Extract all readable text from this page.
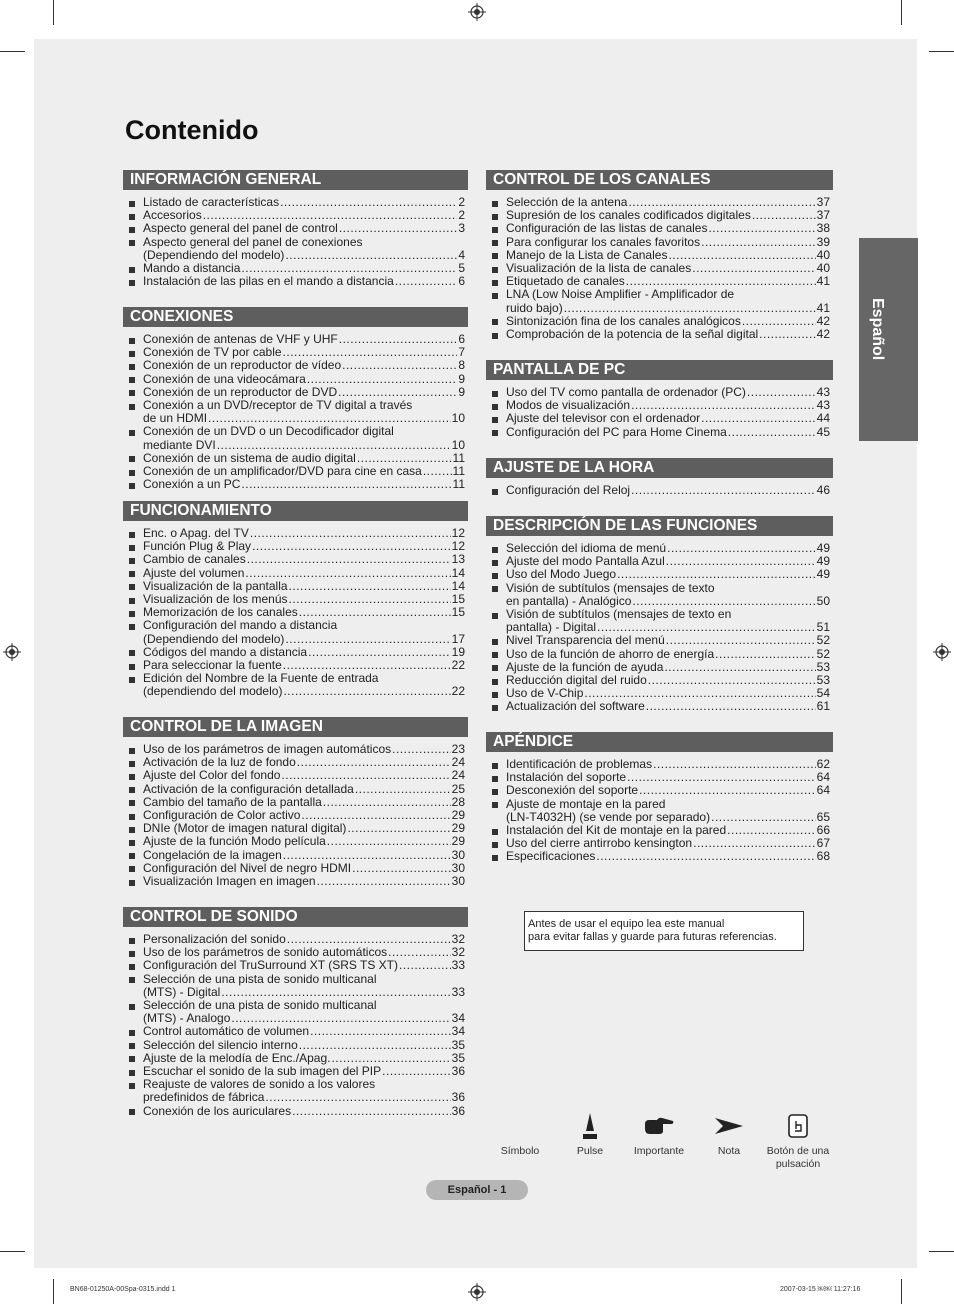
Contenido
INFORMACIÓN GENERAL
Listado de características .....	2
Accesorios .....	2
Aspecto general del panel de control .....	3
Aspecto general del panel de conexiones
(Dependiendo del modelo) .....	4
Mando a distancia .....	5
Instalación de las pilas en el mando a distancia .....	6
CONEXIONES
Conexión de antenas de VHF y UHF .....	6
Conexión de TV por cable .....	7
Conexión de un reproductor de vídeo .....	8
Conexión de una videocámara .....	9
Conexión de un reproductor de DVD .....	9
Conexión a un DVD/receptor de TV digital a través
de un HDMI .....	10
Conexión de un DVD o un Decodificador digital
mediante DVI .....	10
Conexión de un sistema de audio digital .....	11
Conexión de un amplificador/DVD para cine en casa .....	11
Conexión a un PC .....	11
FUNCIONAMIENTO
Enc. o Apag. del TV .....	12
Función Plug & Play .....	12
Cambio de canales .....	13
Ajuste del volumen .....	14
Visualización de la pantalla .....	14
Visualización de los menús .....	15
Memorización de los canales .....	15
Configuración del mando a distancia
(Dependiendo del modelo) .....	17
Códigos del mando a distancia .....	19
Para seleccionar la fuente .....	22
Edición del Nombre de la Fuente de entrada
(dependiendo del modelo) .....	22
CONTROL DE LA IMAGEN
Uso de los parámetros de imagen automáticos .....	23
Activación de la luz de fondo .....	24
Ajuste del Color del fondo .....	24
Activación de la configuración detallada .....	25
Cambio del tamaño de la pantalla .....	28
Configuración de Color activo .....	29
DNIe (Motor de imagen natural digital) .....	29
Ajuste de la función Modo película .....	29
Congelación de la imagen .....	30
Configuración del Nivel de negro HDMI .....	30
Visualización Imagen en imagen .....	30
CONTROL DE SONIDO
Personalización del sonido .....	32
Uso de los parámetros de sonido automáticos .....	32
Configuración del TruSurround XT (SRS TS XT) .....	33
Selección de una pista de sonido multicanal
(MTS) - Digital .....	33
Selección de una pista de sonido multicanal
(MTS) - Analogo .....	34
Control automático de volumen .....	34
Selección del silencio interno .....	35
Ajuste de la melodía de Enc./Apag. .....	35
Escuchar el sonido de la sub imagen del PIP .....	36
Reajuste de valores de sonido a los valores
predefinidos de fábrica .....	36
Conexión de los auriculares .....	36
CONTROL DE LOS CANALES
Selección de la antena .....	37
Supresión de los canales codificados digitales .....	37
Configuración de las listas de canales .....	38
Para configurar los canales favoritos .....	39
Manejo de la Lista de Canales .....	40
Visualización de la lista de canales .....	40
Etiquetado de canales .....	41
LNA (Low Noise Amplifier - Amplificador de
ruido bajo) .....	41
Sintonización fina de los canales analógicos .....	42
Comprobación de la potencia de la señal digital .....	42
PANTALLA DE PC
Uso del TV como pantalla de ordenador (PC) .....	43
Modos de visualización .....	43
Ajuste del televisor con el ordenador .....	44
Configuración del PC para Home Cinema .....	45
AJUSTE DE LA HORA
Configuración del Reloj .....	46
DESCRIPCIÓN DE LAS FUNCIONES
Selección del idioma de menú .....	49
Ajuste del modo Pantalla Azul .....	49
Uso del Modo Juego .....	49
Visión de subtítulos (mensajes de texto
en pantalla) - Analógico .....	50
Visión de subtítulos (mensajes de texto en
pantalla) - Digital .....	51
Nivel Transparencia del menú .....	52
Uso de la función de ahorro de energía .....	52
Ajuste de la función de ayuda .....	53
Reducción digital del ruido .....	53
Uso de V-Chip .....	54
Actualización del software .....	61
APÉNDICE
Identificación de problemas .....	62
Instalación del soporte .....	64
Desconexión del soporte .....	64
Ajuste de montaje en la pared
(LN-T4032H) (se vende por separado) .....	65
Instalación del Kit de montaje en la pared .....	66
Uso del cierre antirrobo kensington .....	67
Especificaciones .....	68
Español
Antes de usar el equipo lea este manual
para evitar fallas y guarde para futuras referencias.
Símbolo	Pulse	Importante	Nota	Botón de una pulsación
Español - 1
BN68-01250A-00Spa-0315.indd 1	2007-03-15 ￼￼ 11:27:16
